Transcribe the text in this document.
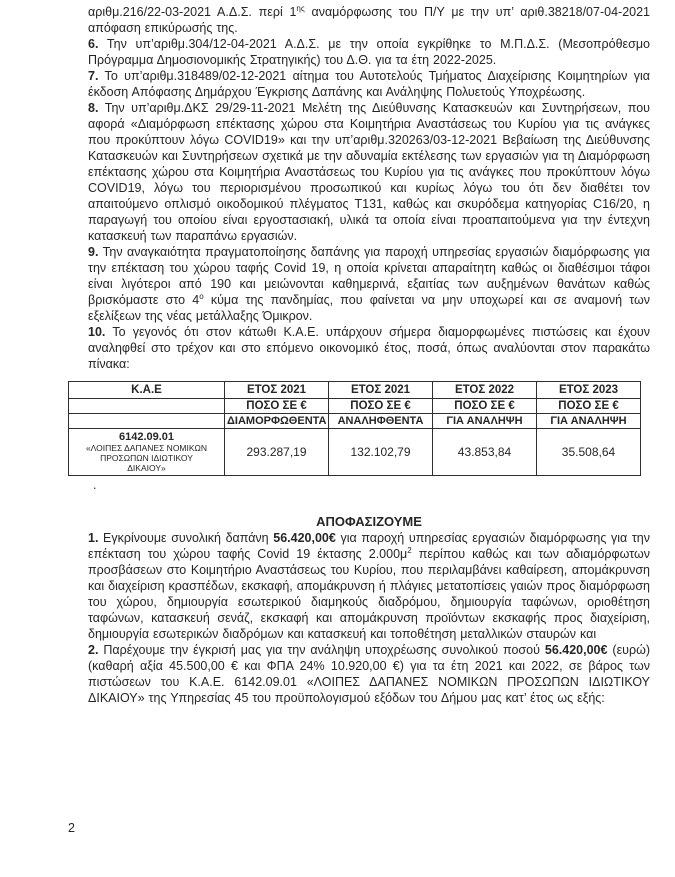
αριθμ.216/22-03-2021 Α.Δ.Σ. περί $1^{\eta\varsigma}$ αναμόρφωσης του Π/Υ με την υπ’ αριθ.38218/07-04-2021 απόφαση επικύρωσής της.

6. Την υπ’αριθμ.304/12-04-2021 Α.Δ.Σ. με την οποία εγκρίθηκε το Μ.Π.Δ.Σ. (Μεσοπρόθεσμο Πρόγραμμα Δημοσιονομικής Στρατηγικής) του Δ.Θ. για τα έτη 2022-2025.

7. Το υπ’αριθμ.318489/02-12-2021 αίτημα του Αυτοτελούς Τμήματος Διαχείρισης Κοιμητηρίων για έκδοση Απόφασης Δημάρχου Έγκρισης Δαπάνης και Ανάληψης Πολυετούς Υποχρέωσης.

8. Την υπ’αριθμ.ΔΚΣ 29/29-11-2021 Μελέτη της Διεύθυνσης Κατασκευών και Συντηρήσεων, που αφορά «Διαμόρφωση επέκτασης χώρου στα Κοιμητήρια Αναστάσεως του Κυρίου για τις ανάγκες που προκύπτουν λόγω COVID19» και την υπ’αριθμ.320263/03-12-2021 Βεβαίωση της Διεύθυνσης Κατασκευών και Συντηρήσεων σχετικά με την αδυναμία εκτέλεσης των εργασιών για τη Διαμόρφωση επέκτασης χώρου στα Κοιμητήρια Αναστάσεως του Κυρίου για τις ανάγκες που προκύπτουν λόγω COVID19, λόγω του περιορισμένου προσωπικού και κυρίως λόγω του ότι δεν διαθέτει τον απαιτούμενο οπλισμό οικοδομικού πλέγματος Τ131, καθώς και σκυρόδεμα κατηγορίας C16/20, η παραγωγή του οποίου είναι εργοστασιακή, υλικά τα οποία είναι προαπαιτούμενα για την έντεχνη κατασκευή των παραπάνω εργασιών.

9. Την αναγκαιότητα πραγματοποίησης δαπάνης για παροχή υπηρεσίας εργασιών διαμόρφωσης για την επέκταση του χώρου ταφής Covid 19, η οποία κρίνεται απαραίτητη καθώς οι διαθέσιμοι τάφοι είναι λιγότεροι από 190 και μειώνονται καθημερινά, εξαιτίας των αυξημένων θανάτων καθώς βρισκόμαστε στο $4^o$ κύμα της πανδημίας, που φαίνεται να μην υποχωρεί και σε αναμονή των εξελίξεων της νέας μετάλλαξης Όμικρον.

10. Το γεγονός ότι στον κάτωθι Κ.Α.Ε. υπάρχουν σήμερα διαμορφωμένες πιστώσεις και έχουν αναληφθεί στο τρέχον και στο επόμενο οικονομικό έτος, ποσά, όπως αναλύονται στον παρακάτω πίνακα:

Κ.Α.Ε	ΕΤΟΣ 2021	ΕΤΟΣ 2021	ΕΤΟΣ 2022	ΕΤΟΣ 2023
	ΠΟΣΟ ΣΕ €	ΠΟΣΟ ΣΕ €	ΠΟΣΟ ΣΕ €	ΠΟΣΟ ΣΕ €
	ΔΙΑΜΟΡΦΩΘΕΝΤΑ	ΑΝΑΛΗΦΘΕΝΤΑ	ΓΙΑ ΑΝΑΛΗΨΗ	ΓΙΑ ΑΝΑΛΗΨΗ

6142.09.01
«ΛΟΙΠΕΣ ΔΑΠΑΝΕΣ ΝΟΜΙΚΩΝ ΠΡΟΣΩΠΩΝ ΙΔΙΩΤΙΚΟΥ ΔΙΚΑΙΟΥ»	293.287,19	132.102,79	43.853,84	35.508,64
.
ΑΠΟΦΑΣΙΖΟΥΜΕ

1. Εγκρίνουμε συνολική δαπάνη 56.420,00€ για παροχή υπηρεσίας εργασιών διαμόρφωσης για την επέκταση του χώρου ταφής Covid 19 έκτασης $2.000\mu^2$ περίπου καθώς και των αδιαμόρφωτων προσβάσεων στο Κοιμητήριο Αναστάσεως του Κυρίου, που περιλαμβάνει καθαίρεση, απομάκρυνση και διαχείριση κρασπέδων, εκσκαφή, απομάκρυνση ή πλάγιες μετατοπίσεις γαιών προς διαμόρφωση του χώρου, δημιουργία εσωτερικού διαμηκούς διαδρόμου, δημιουργία ταφώνων, οριοθέτηση ταφώνων, κατασκευή σενάζ, εκσκαφή και απομάκρυνση προϊόντων εκσκαφής προς διαχείριση, δημιουργία εσωτερικών διαδρόμων και κατασκευή και τοποθέτηση μεταλλικών σταυρών και

2. Παρέχουμε την έγκρισή μας για την ανάληψη υποχρέωσης συνολικού ποσού 56.420,00€ (ευρώ) (καθαρή αξία 45.500,00 € και ΦΠΑ 24% 10.920,00 €) για τα έτη 2021 και 2022, σε βάρος των πιστώσεων του Κ.Α.Ε. 6142.09.01 «ΛΟΙΠΕΣ ΔΑΠΑΝΕΣ ΝΟΜΙΚΩΝ ΠΡΟΣΩΠΩΝ ΙΔΙΩΤΙΚΟΥ ΔΙΚΑΙΟΥ» της Υπηρεσίας 45 του προϋπολογισμού εξόδων του Δήμου μας κατ’ έτος ως εξής:

2
